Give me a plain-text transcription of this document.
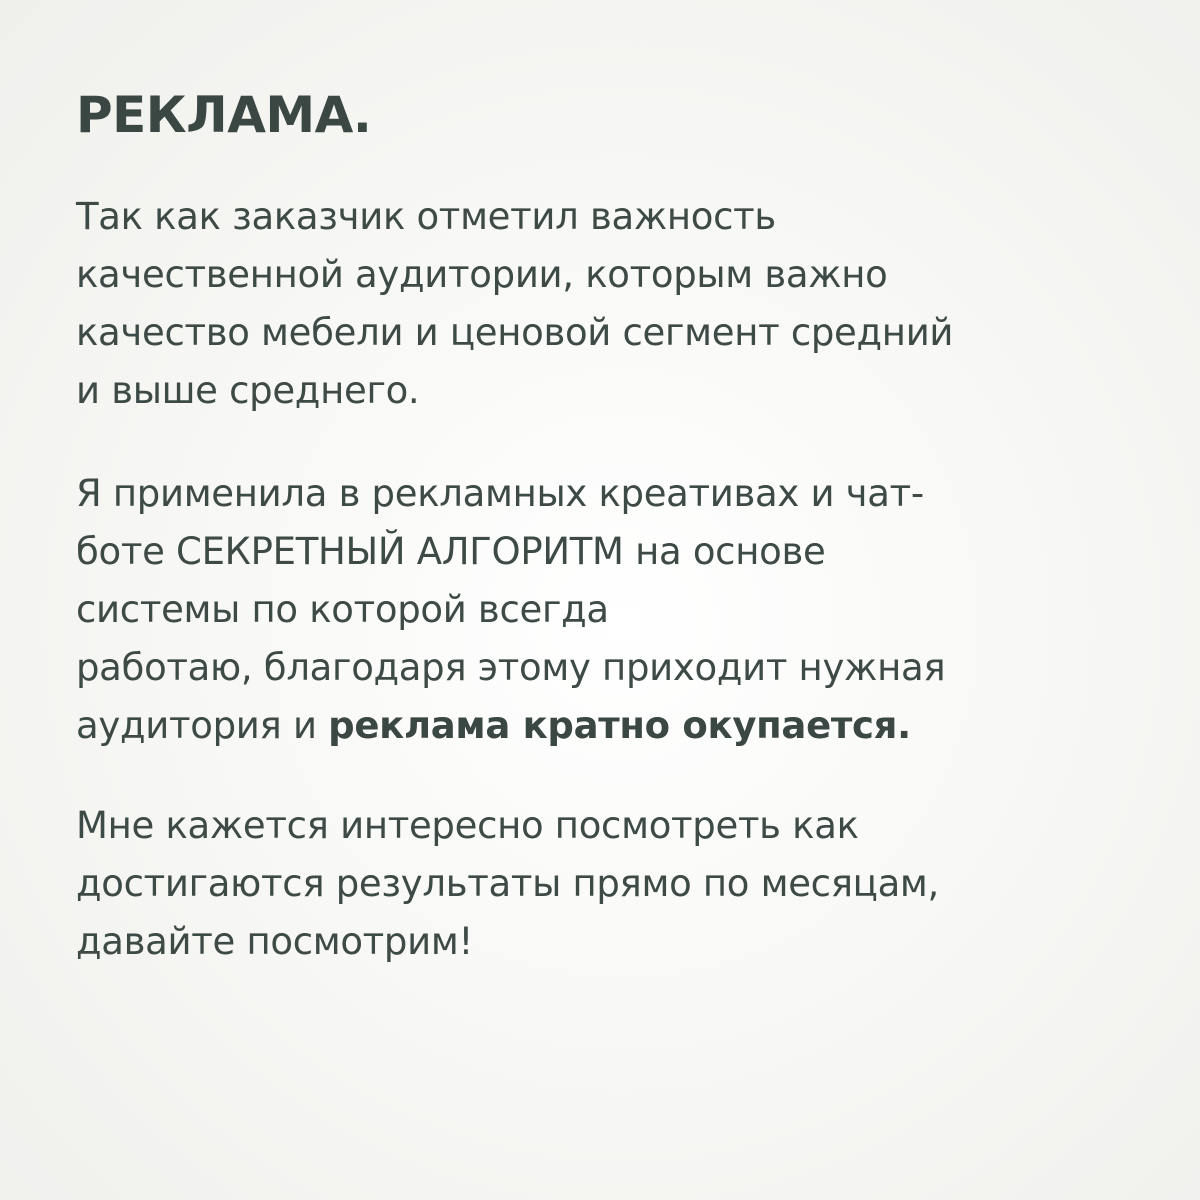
РЕКЛАМА.

Так как заказчик отметил важность
качественной аудитории, которым важно
качество мебели и ценовой сегмент средний
и выше среднего.

Я применила в рекламных креативах и чат-
боте СЕКРЕТНЫЙ АЛГОРИТМ на основе
системы по которой всегда
работаю, благодаря этому приходит нужная
аудитория и реклама кратно окупается.

Мне кажется интересно посмотреть как
достигаются результаты прямо по месяцам,
давайте посмотрим!
